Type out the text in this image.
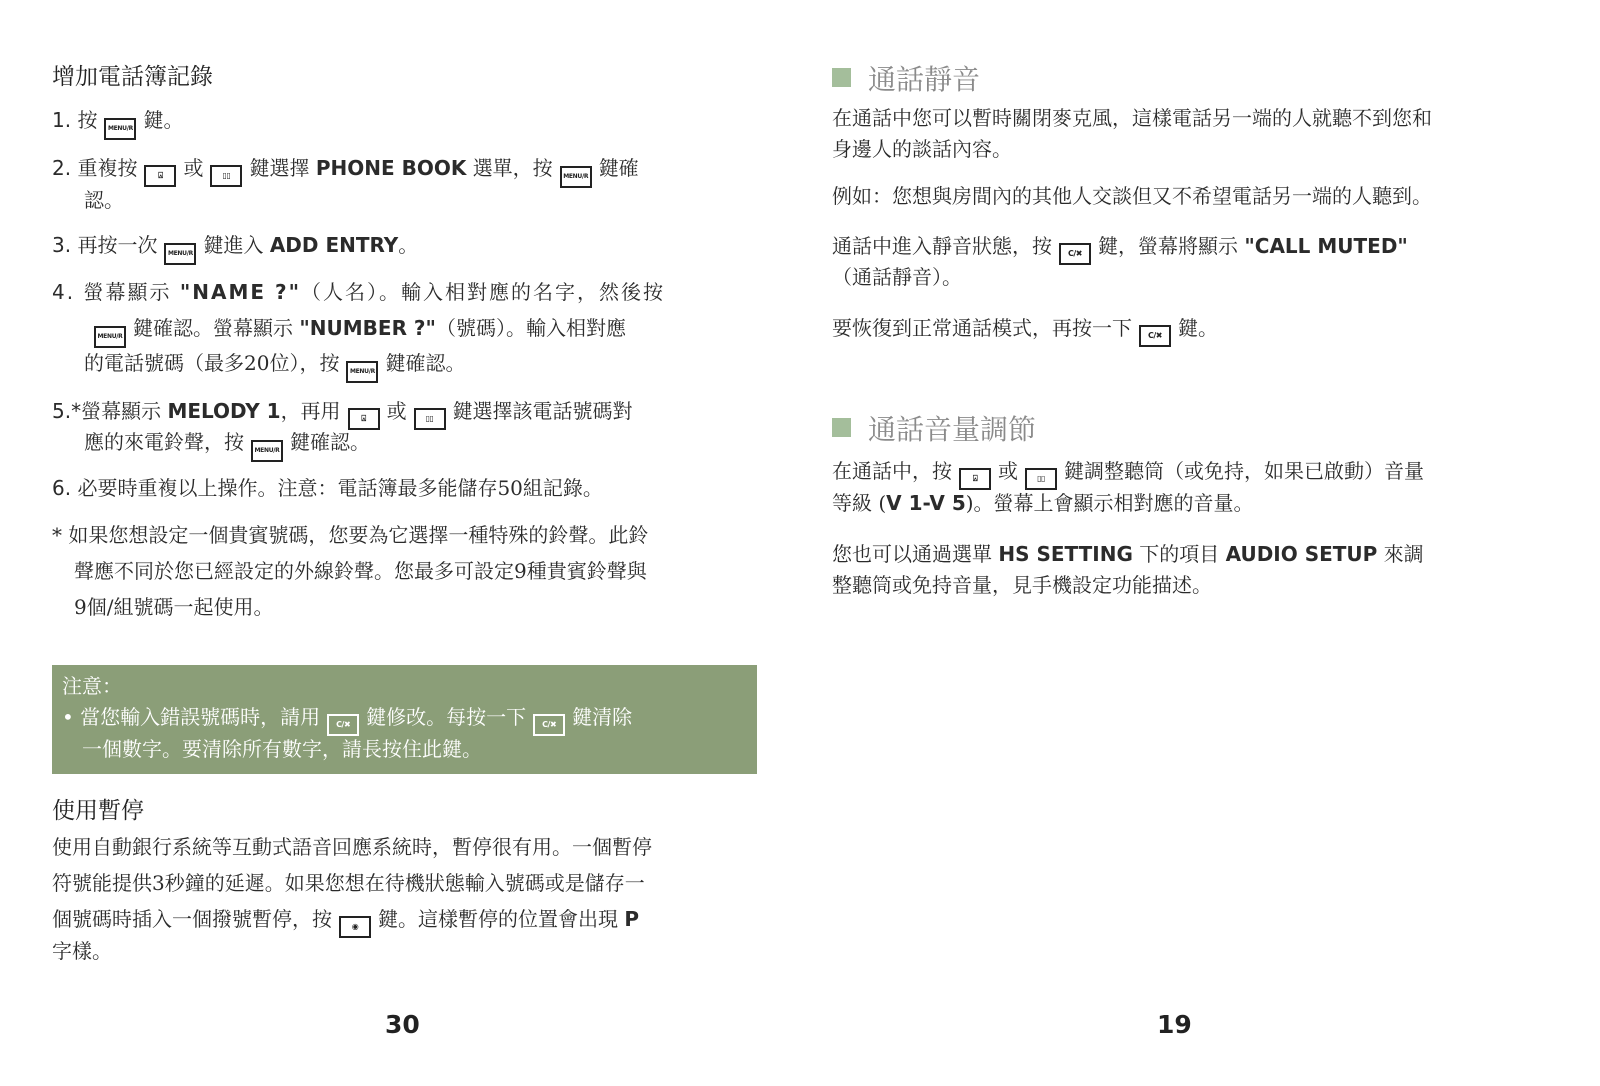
增加電話簿記錄
1. 按 MENU/R 鍵。
2. 重複按	⍓ 或 ▯▯ 鍵選擇 PHONE BOOK 選單，按 MENU/R 鍵確
認。
3. 再按一次 MENU/R 鍵進入 ADD ENTRY。
4. 螢幕顯示 "NAME ?"（人名）。輸入相對應的名字，然後按
MENU/R 鍵確認。螢幕顯示 "NUMBER ?"（號碼）。輸入相對應
的電話號碼（最多20位），按 MENU/R 鍵確認。
5.*螢幕顯示 MELODY 1，再用	⍓ 或 ▯▯ 鍵選擇該電話號碼對
應的來電鈴聲，按 MENU/R 鍵確認。
6. 必要時重複以上操作。注意：電話簿最多能儲存50組記錄。
* 如果您想設定一個貴賓號碼，您要為它選擇一種特殊的鈴聲。此鈴
聲應不同於您已經設定的外線鈴聲。您最多可設定9種貴賓鈴聲與
9個/組號碼一起使用。
注意：
• 當您輸入錯誤號碼時，請用 C/✖ 鍵修改。每按一下 C/✖ 鍵清除
一個數字。要清除所有數字，請長按住此鍵。
使用暫停
使用自動銀行系統等互動式語音回應系統時，暫停很有用。一個暫停
符號能提供3秒鐘的延遲。如果您想在待機狀態輸入號碼或是儲存一
個號碼時插入一個撥號暫停，按 ◉ 鍵。這樣暫停的位置會出現 P
字樣。
30
通話靜音
在通話中您可以暫時關閉麥克風，這樣電話另一端的人就聽不到您和
身邊人的談話內容。
例如：您想與房間內的其他人交談但又不希望電話另一端的人聽到。
通話中進入靜音狀態，按 C/✖ 鍵，螢幕將顯示 "CALL MUTED"
（通話靜音）。
要恢復到正常通話模式，再按一下 C/✖ 鍵。
通話音量調節
在通話中，按	⍓ 或 ▯▯ 鍵調整聽筒（或免持，如果已啟動）音量
等級 (V 1-V 5)。螢幕上會顯示相對應的音量。
您也可以通過選單 HS SETTING 下的項目 AUDIO SETUP 來調
整聽筒或免持音量，見手機設定功能描述。
19
